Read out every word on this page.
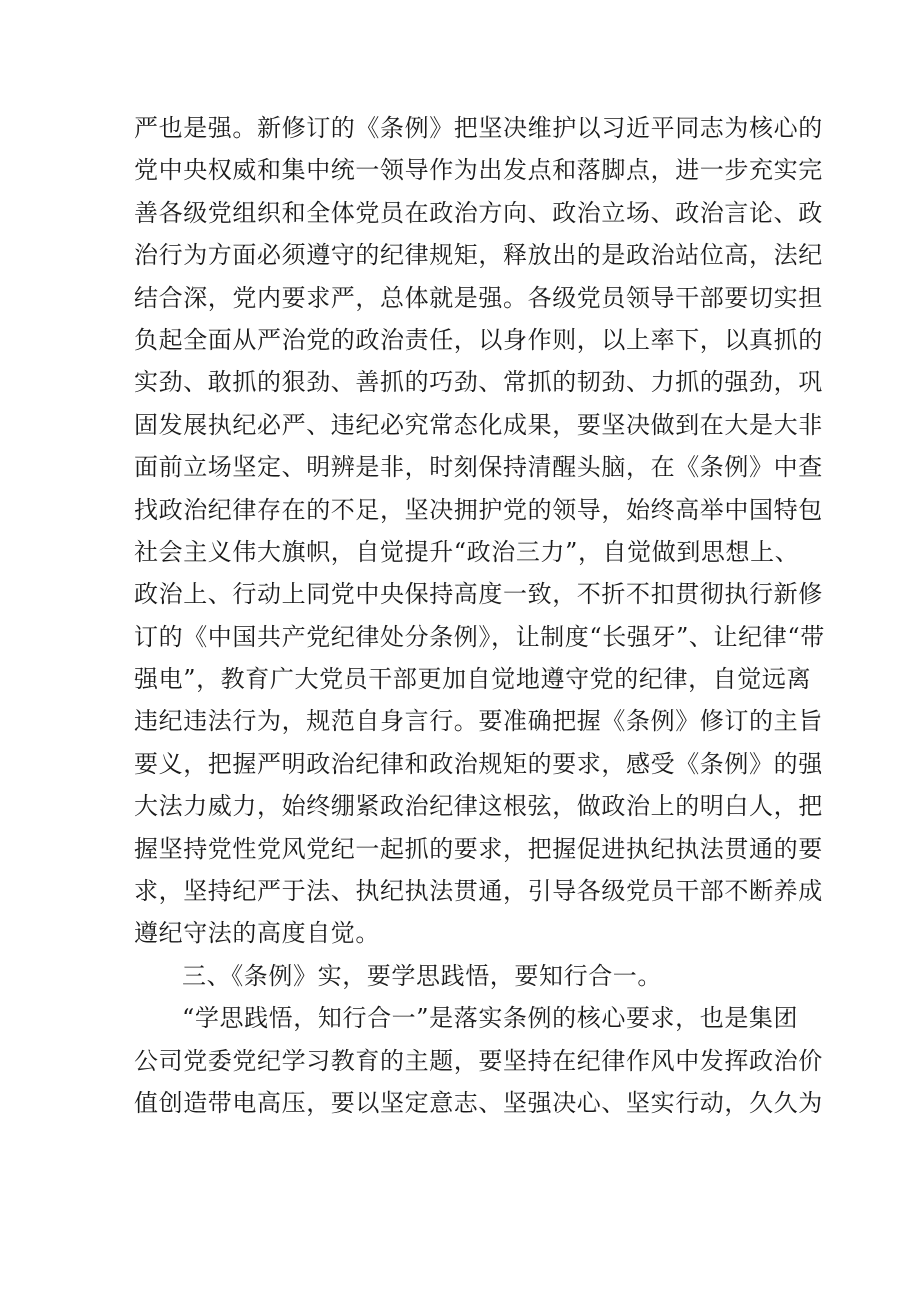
严也是强。新修订的《条例》把坚决维护以习近平同志为核心的
党中央权威和集中统一领导作为出发点和落脚点，进一步充实完
善各级党组织和全体党员在政治方向、政治立场、政治言论、政
治行为方面必须遵守的纪律规矩，释放出的是政治站位高，法纪
结合深，党内要求严，总体就是强。各级党员领导干部要切实担
负起全面从严治党的政治责任，以身作则，以上率下，以真抓的
实劲、敢抓的狠劲、善抓的巧劲、常抓的韧劲、力抓的强劲，巩
固发展执纪必严、违纪必究常态化成果，要坚决做到在大是大非
面前立场坚定、明辨是非，时刻保持清醒头脑，在《条例》中查
找政治纪律存在的不足，坚决拥护党的领导，始终高举中国特包
社会主义伟大旗帜，自觉提升“政治三力”，自觉做到思想上、
政治上、行动上同党中央保持高度一致，不折不扣贯彻执行新修
订的《中国共产党纪律处分条例》，让制度“长强牙”、让纪律“带
强电”，教育广大党员干部更加自觉地遵守党的纪律，自觉远离
违纪违法行为，规范自身言行。要准确把握《条例》修订的主旨
要义，把握严明政治纪律和政治规矩的要求，感受《条例》的强
大法力威力，始终绷紧政治纪律这根弦，做政治上的明白人，把
握坚持党性党风党纪一起抓的要求，把握促进执纪执法贯通的要
求，坚持纪严于法、执纪执法贯通，引导各级党员干部不断养成
遵纪守法的高度自觉。
三、《条例》实，要学思践悟，要知行合一。
“学思践悟，知行合一”是落实条例的核心要求，也是集团
公司党委党纪学习教育的主题，要坚持在纪律作风中发挥政治价
值创造带电高压，要以坚定意志、坚强决心、坚实行动，久久为
